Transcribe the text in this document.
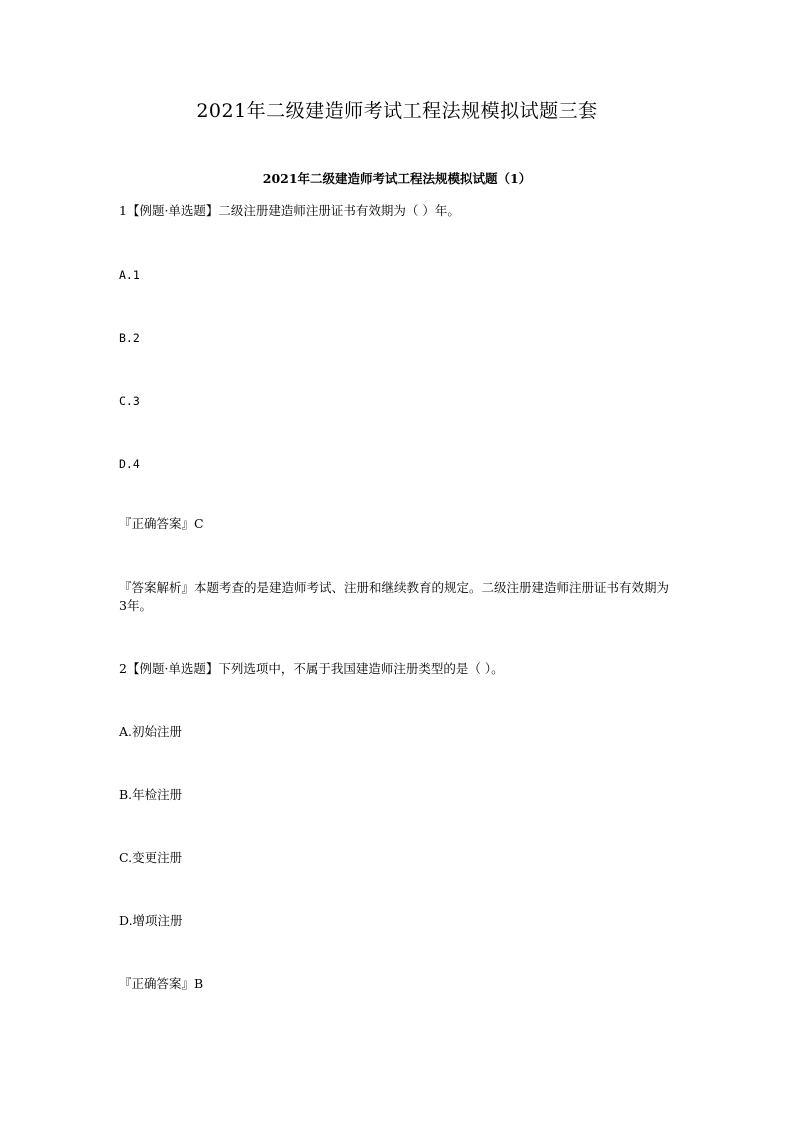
2021年二级建造师考试工程法规模拟试题三套
2021年二级建造师考试工程法规模拟试题（1）
1【例题·单选题】二级注册建造师注册证书有效期为（ ）年。
A.1
B.2
C.3
D.4
『正确答案』C
『答案解析』本题考查的是建造师考试、注册和继续教育的规定。二级注册建造师注册证书有效期为3年。
2【例题·单选题】下列选项中，不属于我国建造师注册类型的是（ ）。
A.初始注册
B.年检注册
C.变更注册
D.增项注册
『正确答案』B
